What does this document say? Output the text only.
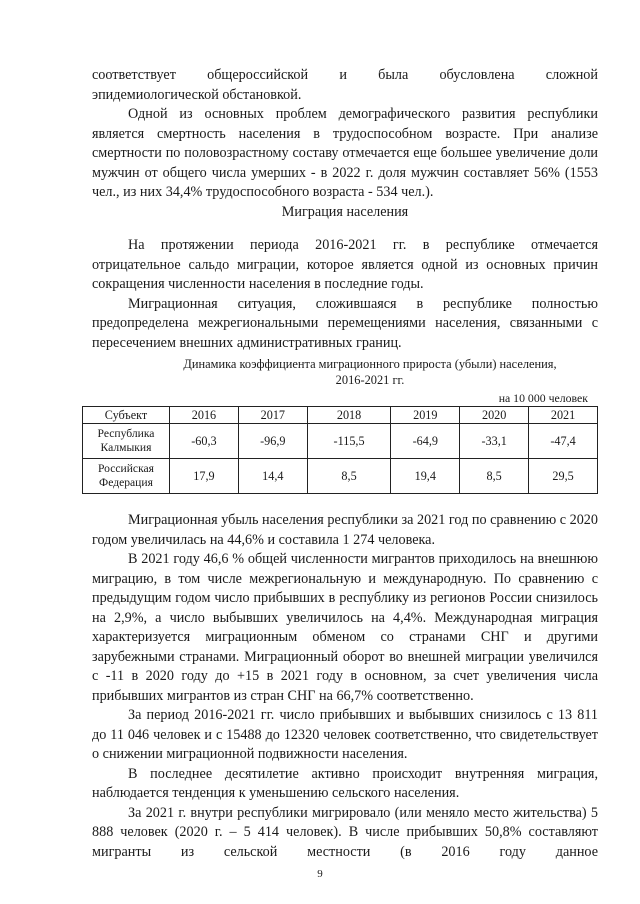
соответствует общероссийской и была обусловлена сложной

эпидемиологической обстановкой.

Одной из основных проблем демографического развития республики является смертность населения в трудоспособном возрасте. При анализе смертности по половозрастному составу отмечается еще большее увеличение доли мужчин от общего числа умерших - в 2022 г. доля мужчин составляет 56% (1553 чел., из них 34,4% трудоспособного возраста - 534 чел.).

Миграция населения

На протяжении периода 2016-2021 гг. в республике отмечается отрицательное сальдо миграции, которое является одной из основных причин сокращения численности населения в последние годы.

Миграционная ситуация, сложившаяся в республике полностью предопределена межрегиональными перемещениями населения, связанными с пересечением внешних административных границ.

Динамика коэффициента миграционного прироста (убыли) населения,
2016-2021 гг.
на 10 000 человек
Субъект	2016	2017	2018	2019	2020	2021

Республика
Калмыкия	-60,3	-96,9	-115,5	-64,9	-33,1	-47,4

Российская
Федерация	17,9	14,4	8,5	19,4	8,5	29,5

Миграционная убыль населения республики за 2021 год по сравнению с 2020 годом увеличилась на 44,6% и составила 1 274 человека.

В 2021 году 46,6 % общей численности мигрантов приходилось на внешнюю миграцию, в том числе межрегиональную и международную. По сравнению с предыдущим годом число прибывших в республику из регионов России снизилось на 2,9%, а число выбывших увеличилось на 4,4%. Международная миграция характеризуется миграционным обменом со странами СНГ и другими зарубежными странами. Миграционный оборот во внешней миграции увеличился с -11 в 2020 году до +15 в 2021 году в основном, за счет увеличения числа прибывших мигрантов из стран СНГ на 66,7% соответственно.

За период 2016-2021 гг. число прибывших и выбывших снизилось с 13 811 до 11 046 человек и с 15488 до 12320 человек соответственно, что свидетельствует о снижении миграционной подвижности населения.

В последнее десятилетие активно происходит внутренняя миграция, наблюдается тенденция к уменьшению сельского населения.

За 2021 г. внутри республики мигрировало (или меняло место жительства) 5 888 человек (2020 г. – 5 414 человек). В числе прибывших 50,8% составляют мигранты из сельской местности (в 2016 году данное

9
